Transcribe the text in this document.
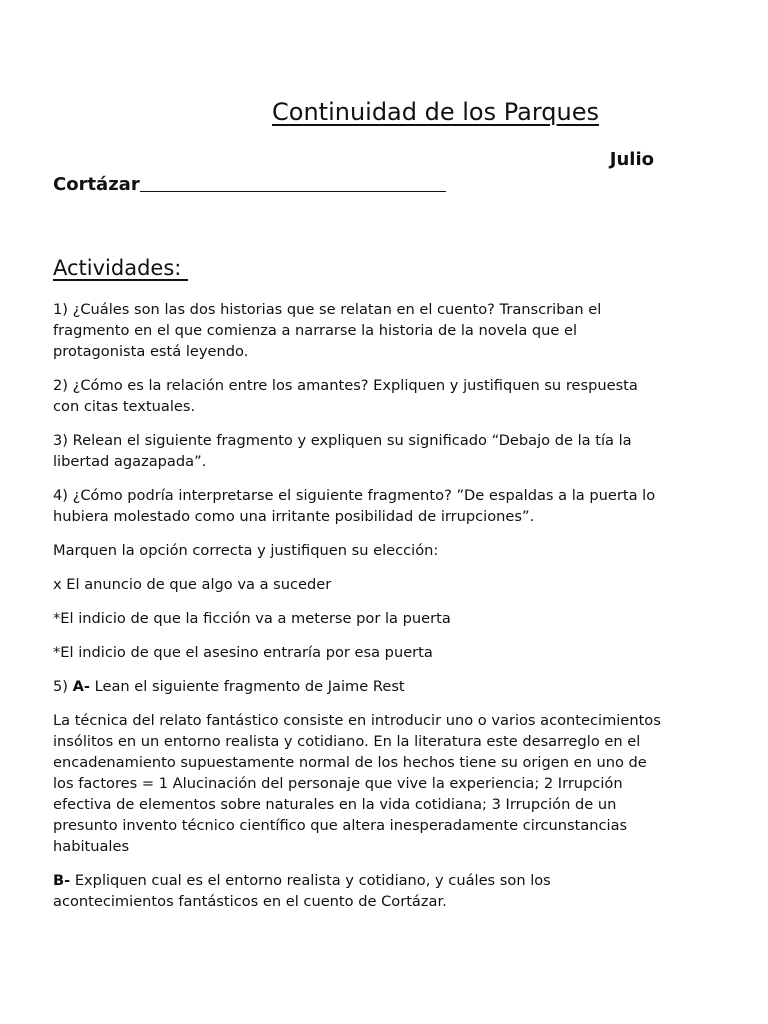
Continuidad de los Parques
Julio
Cortázar
Actividades:

1) ¿Cuáles son las dos historias que se relatan en el cuento? Transcriban el fragmento en el que comienza a narrarse la historia de la novela que el protagonista está leyendo.

2) ¿Cómo es la relación entre los amantes? Expliquen y justifiquen su respuesta con citas textuales.

3) Relean el siguiente fragmento y expliquen su significado “Debajo de la tía la libertad agazapada”.

4) ¿Cómo podría interpretarse el siguiente fragmento? ”De espaldas a la puerta lo hubiera molestado como una irritante posibilidad de irrupciones”.

Marquen la opción correcta y justifiquen su elección:

x El anuncio de que algo va a suceder

*El indicio de que la ficción va a meterse por la puerta

*El indicio de que el asesino entraría por esa puerta

5) A- Lean el siguiente fragmento de Jaime Rest

La técnica del relato fantástico consiste en introducir uno o varios acontecimientos insólitos en un entorno realista y cotidiano. En la literatura este desarreglo en el encadenamiento supuestamente normal de los hechos tiene su origen en uno de los factores = 1 Alucinación del personaje que vive la experiencia; 2 Irrupción efectiva de elementos sobre naturales en la vida cotidiana; 3 Irrupción de un presunto invento técnico científico que altera inesperadamente circunstancias habituales

B- Expliquen cual es el entorno realista y cotidiano, y cuáles son los acontecimientos fantásticos en el cuento de Cortázar.
